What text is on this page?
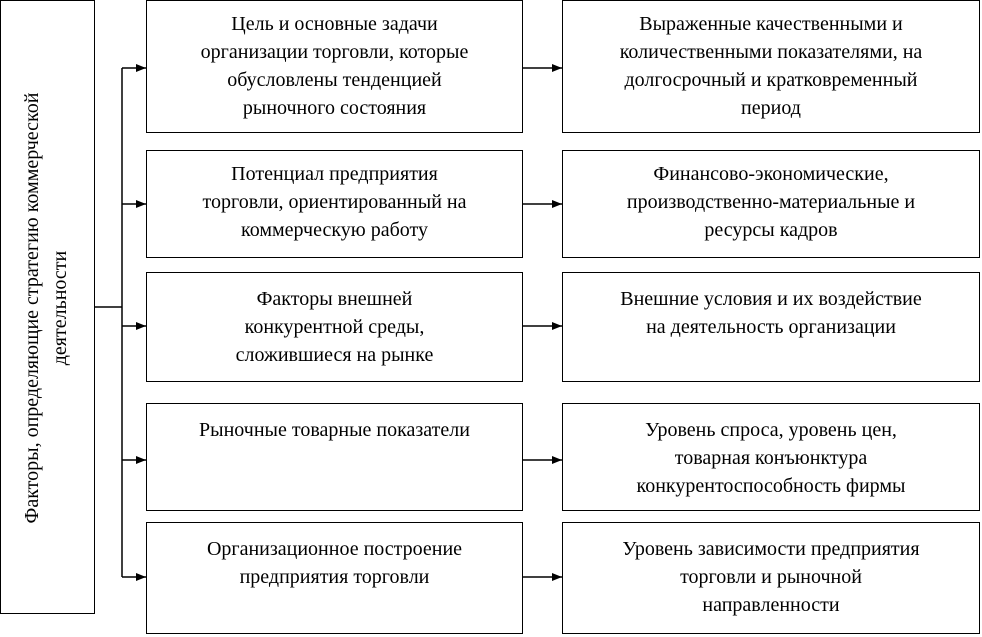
Факторы, определяющие стратегию коммерческой
деятельности
Цель и основные задачи
организации торговли, которые
обусловлены тенденцией
рыночного состояния
Выраженные качественными и
количественными показателями, на
долгосрочный и кратковременный
период
Потенциал предприятия
торговли, ориентированный на
коммерческую работу
Финансово-экономические,
производственно-материальные и
ресурсы кадров
Факторы внешней
конкурентной среды,
сложившиеся на рынке
Внешние условия и их воздействие
на деятельность организации
Рыночные товарные показатели	Уровень спроса, уровень цен,
товарная конъюнктура
конкурентоспособность фирмы
Организационное построение
предприятия торговли
Уровень зависимости предприятия
торговли и рыночной
направленности
